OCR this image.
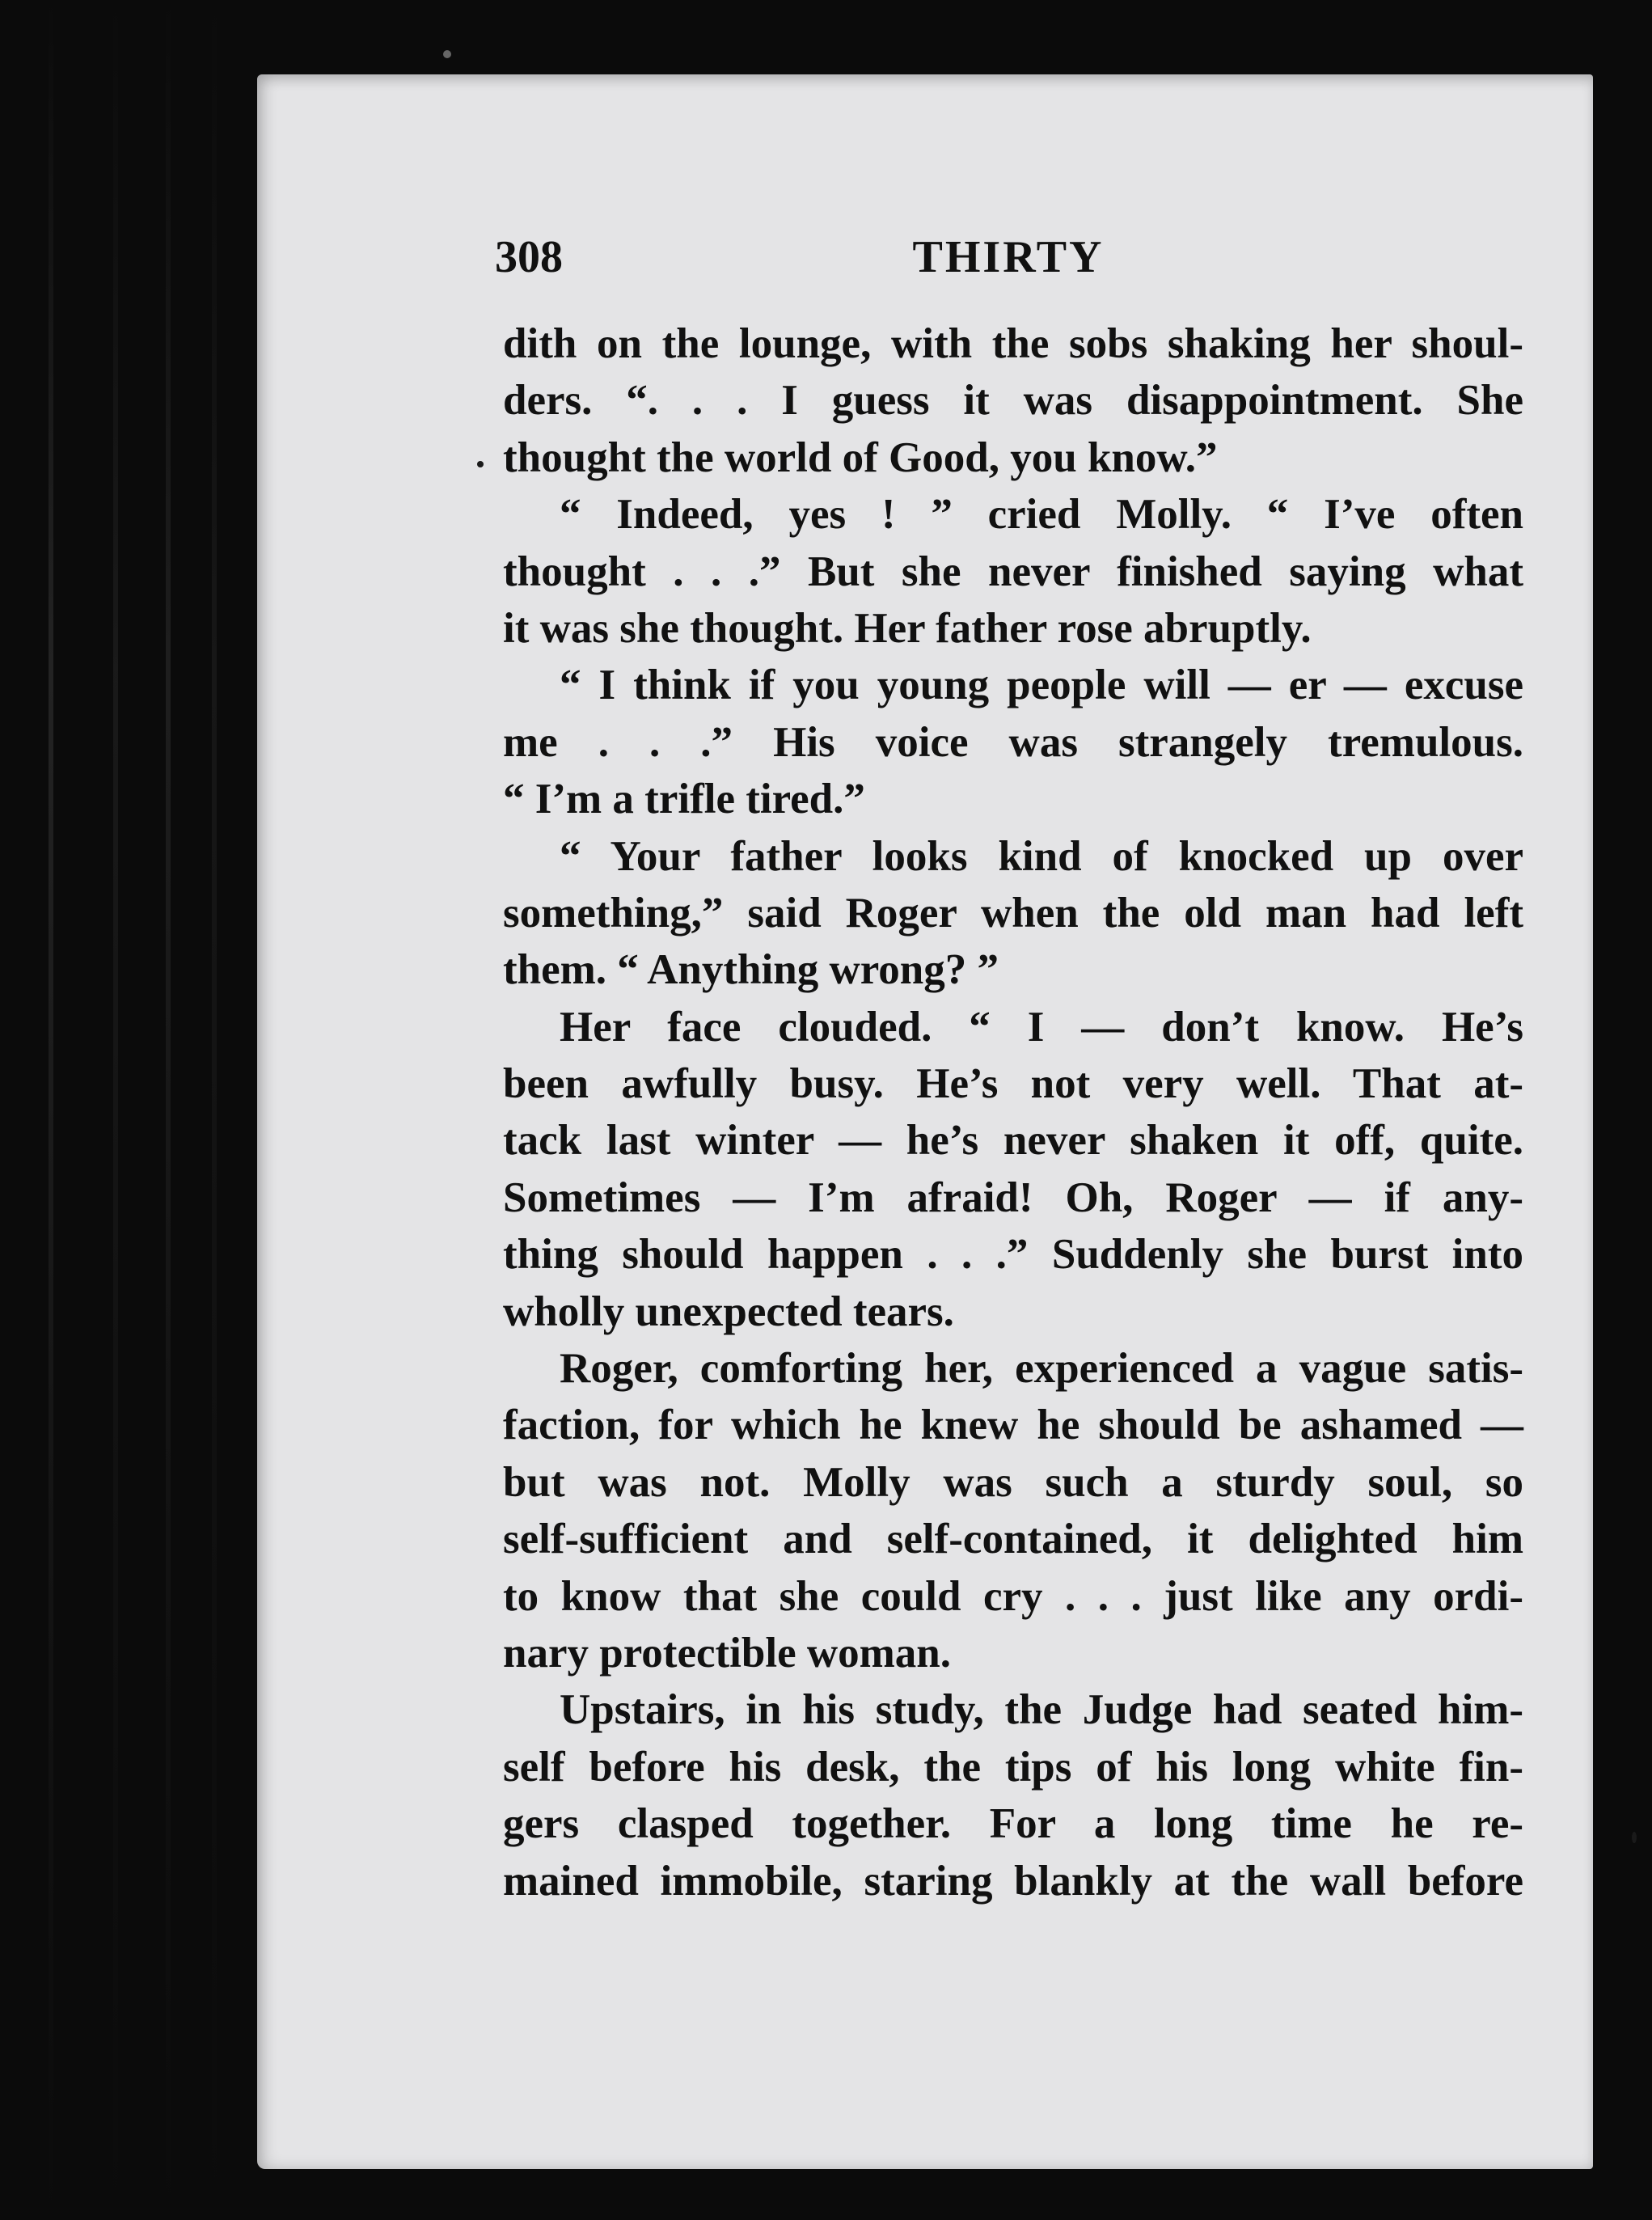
308	THIRTY
dith on the lounge, with the sobs shaking her shoul-
ders. “. . . I guess it was disappointment. She
thought the world of Good, you know.”
“ Indeed, yes ! ” cried Molly. “ I’ve often
thought . . .” But she never finished saying what
it was she thought. Her father rose abruptly.
“ I think if you young people will — er — excuse
me . . .” His voice was strangely tremulous.
“ I’m a trifle tired.”
“ Your father looks kind of knocked up over
something,” said Roger when the old man had left
them. “ Anything wrong? ”
Her face clouded. “ I — don’t know. He’s
been awfully busy. He’s not very well. That at-
tack last winter — he’s never shaken it off, quite.
Sometimes — I’m afraid! Oh, Roger — if any-
thing should happen . . .” Suddenly she burst into
wholly unexpected tears.
Roger, comforting her, experienced a vague satis-
faction, for which he knew he should be ashamed —
but was not. Molly was such a sturdy soul, so
self-sufficient and self-contained, it delighted him
to know that she could cry . . . just like any ordi-
nary protectible woman.
Upstairs, in his study, the Judge had seated him-
self before his desk, the tips of his long white fin-
gers clasped together. For a long time he re-
mained immobile, staring blankly at the wall before
